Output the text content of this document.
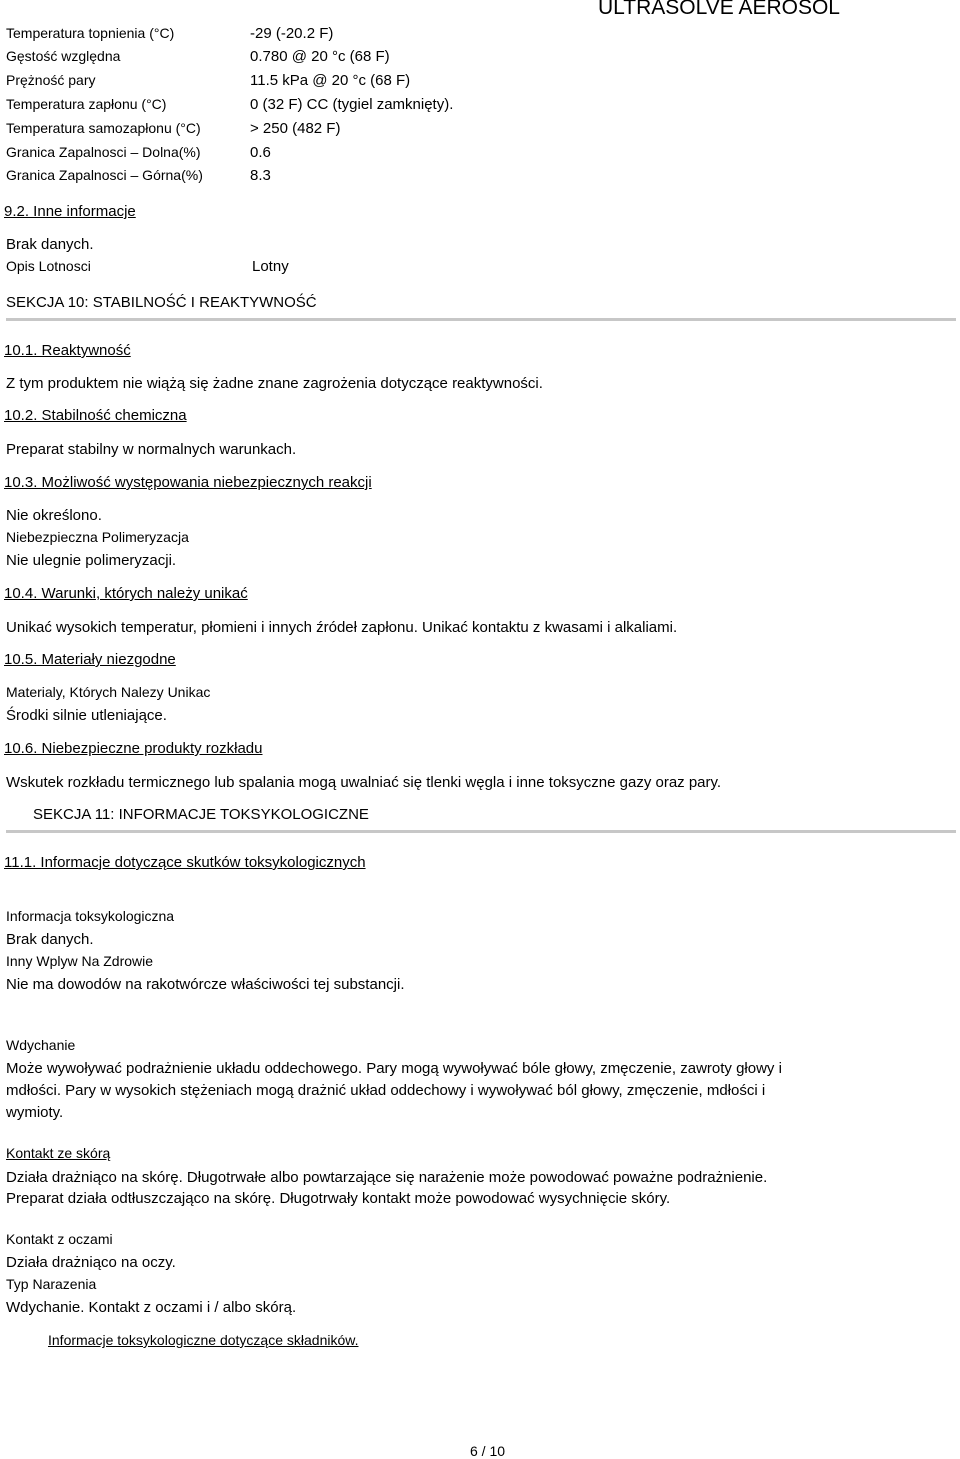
ULTRASOLVE AEROSOL
Temperatura topnienia (°C)	-29 (-20.2 F)
Gęstość względna	0.780 @ 20 °c (68 F)
Prężność pary	11.5 kPa @ 20 °c (68 F)
Temperatura zapłonu (°C)	0 (32 F) CC (tygiel zamknięty).
Temperatura samozapłonu (°C)	> 250 (482 F)
Granica Zapalnosci – Dolna(%)	0.6
Granica Zapalnosci – Górna(%)	8.3
9.2. Inne informacje
Brak danych.
Opis Lotnosci	Lotny
SEKCJA 10: STABILNOŚĆ I REAKTYWNOŚĆ
10.1. Reaktywność
Z tym produktem nie wiążą się żadne znane zagrożenia dotyczące reaktywności.
10.2. Stabilność chemiczna
Preparat stabilny w normalnych warunkach.
10.3. Możliwość występowania niebezpiecznych reakcji
Nie określono.
Niebezpieczna Polimeryzacja
Nie ulegnie polimeryzacji.
10.4. Warunki, których należy unikać
Unikać wysokich temperatur, płomieni i innych źródeł zapłonu. Unikać kontaktu z kwasami i alkaliami.
10.5. Materiały niezgodne
Materialy, Których Nalezy Unikac
Środki silnie utleniające.
10.6. Niebezpieczne produkty rozkładu
Wskutek rozkładu termicznego lub spalania mogą uwalniać się tlenki węgla i inne toksyczne gazy oraz pary.
SEKCJA 11: INFORMACJE TOKSYKOLOGICZNE
11.1. Informacje dotyczące skutków toksykologicznych
Informacja toksykologiczna
Brak danych.
Inny Wplyw Na Zdrowie
Nie ma dowodów na rakotwórcze właściwości tej substancji.
Wdychanie
Może wywoływać podrażnienie układu oddechowego. Pary mogą wywoływać bóle głowy, zmęczenie, zawroty głowy i
mdłości. Pary w wysokich stężeniach mogą drażnić układ oddechowy i wywoływać ból głowy, zmęczenie, mdłości i
wymioty.
Kontakt ze skórą
Działa drażniąco na skórę. Długotrwałe albo powtarzające się narażenie może powodować poważne podrażnienie.
Preparat działa odtłuszczająco na skórę. Długotrwały kontakt może powodować wysychnięcie skóry.
Kontakt z oczami
Działa drażniąco na oczy.
Typ Narazenia
Wdychanie. Kontakt z oczami i / albo skórą.
Informacje toksykologiczne dotyczące składników.
6 / 10
